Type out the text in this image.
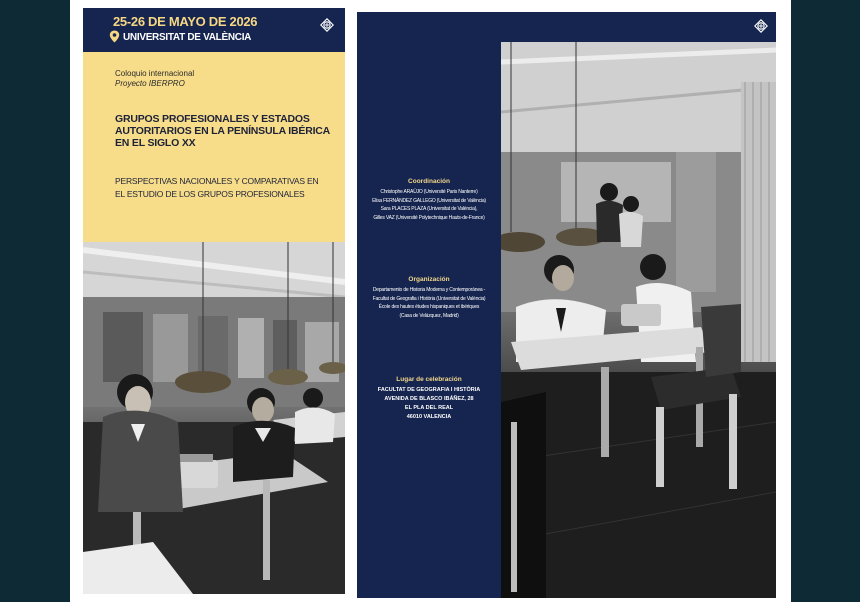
25-26 DE MAYO DE 2026
UNIVERSITAT DE VALÈNCIA
Coloquio internacional
Proyecto IBERPRO
GRUPOS PROFESIONALES Y ESTADOS AUTORITARIOS EN LA PENÍNSULA IBÉRICA EN EL SIGLO XX
PERSPECTIVAS NACIONALES Y COMPARATIVAS EN EL ESTUDIO DE LOS GRUPOS PROFESIONALES
Coordinación
Christophe ARAÜJO (Université Paris Nanterre)
Elisa FERNÁNDEZ GALLEGO (Universitat de València)
Sara PLACES PLAZA (Universitat de València),
Gilles VAZ (Université Polytechnique Hauts-de-France)
Organización
Departamento de Historia Moderna y Contemporánea -
Facultat de Geografia i Història (Universitat de València)
École des hautes études hispaniques et ibériques
(Casa de Velázquez, Madrid)
Lugar de celebración
FACULTAT DE GEOGRAFIA I HISTÒRIA
AVENIDA DE BLASCO IBÁÑEZ, 28
EL PLA DEL REAL
46010 VALENCIA
